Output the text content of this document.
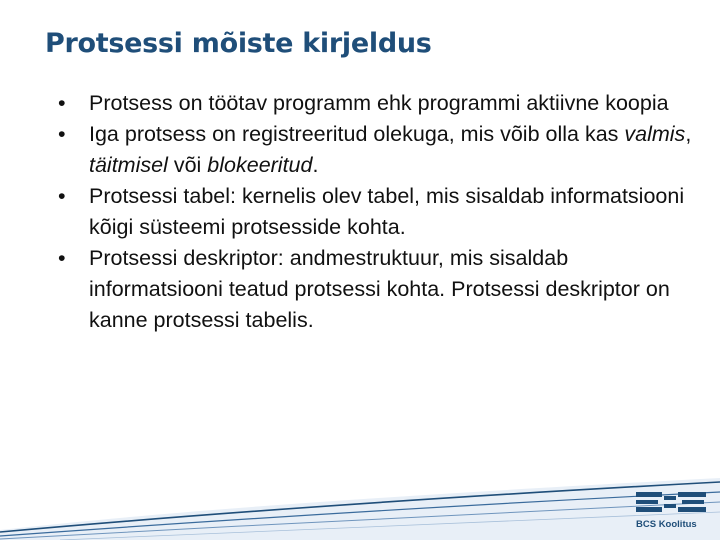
Protsessi mõiste kirjeldus
• Protsess on töötav programm ehk programmi aktiivne koopia
• Iga protsess on registreeritud olekuga, mis võib olla kas valmis, täitmisel või blokeeritud.
• Protsessi tabel: kernelis olev tabel, mis sisaldab informatsiooni kõigi süsteemi protsesside kohta.
• Protsessi deskriptor: andmestruktuur, mis sisaldab informatsiooni teatud protsessi kohta. Protsessi deskriptor on kanne protsessi tabelis.
BCS Koolitus
